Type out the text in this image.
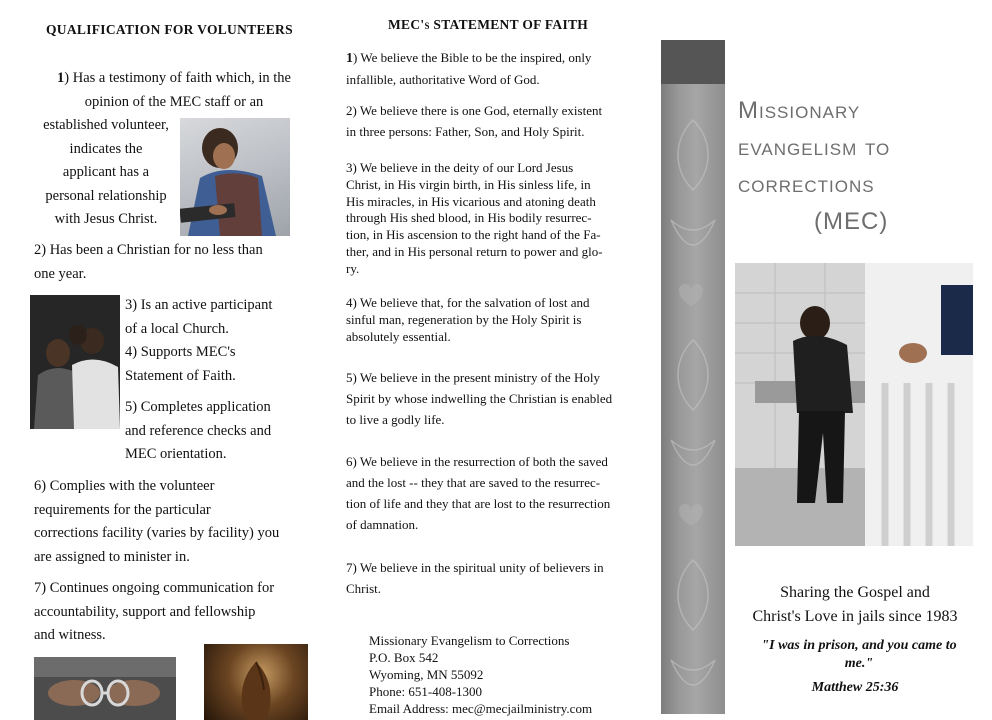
QUALIFICATION FOR VOLUNTEERS
1) Has a testimony of faith which, in the
opinion of the MEC staff or an
established volunteer,
indicates the
applicant has a
personal relationship
with Jesus Christ.
2) Has been a Christian for no less than
one year.
3) Is an active participant
of a local Church.
4) Supports MEC's
Statement of Faith.
5) Completes application
and reference checks and
MEC orientation.
6) Complies with the volunteer
requirements for the particular
corrections facility (varies by facility) you
are assigned to minister in.
7) Continues ongoing communication for
accountability, support and fellowship
and witness.
MEC's STATEMENT OF FAITH
1) We believe the Bible to be the inspired, only
infallible, authoritative Word of God.
2) We believe there is one God, eternally existent
in three persons: Father, Son, and Holy Spirit.
3) We believe in the deity of our Lord Jesus
Christ, in His virgin birth, in His sinless life, in
His miracles, in His vicarious and atoning death
through His shed blood, in His bodily resurrec-
tion, in His ascension to the right hand of the Fa-
ther, and in His personal return to power and glo-
ry.
4) We believe that, for the salvation of lost and
sinful man, regeneration by the Holy Spirit is
absolutely essential.
5) We believe in the present ministry of the Holy
Spirit by whose indwelling the Christian is enabled
to live a godly life.
6) We believe in the resurrection of both the saved
and the lost -- they that are saved to the resurrec-
tion of life and they that are lost to the resurrection
of damnation.
7) We believe in the spiritual unity of believers in
Christ.
Missionary Evangelism to Corrections
P.O. Box 542
Wyoming, MN 55092
Phone: 651-408-1300
Email Address: mec@mecjailministry.com
Missionary
evangelism to
corrections
(MEC)
Sharing the Gospel and
Christ's Love in jails since 1983
"I was in prison, and you came to
me."
Matthew 25:36
